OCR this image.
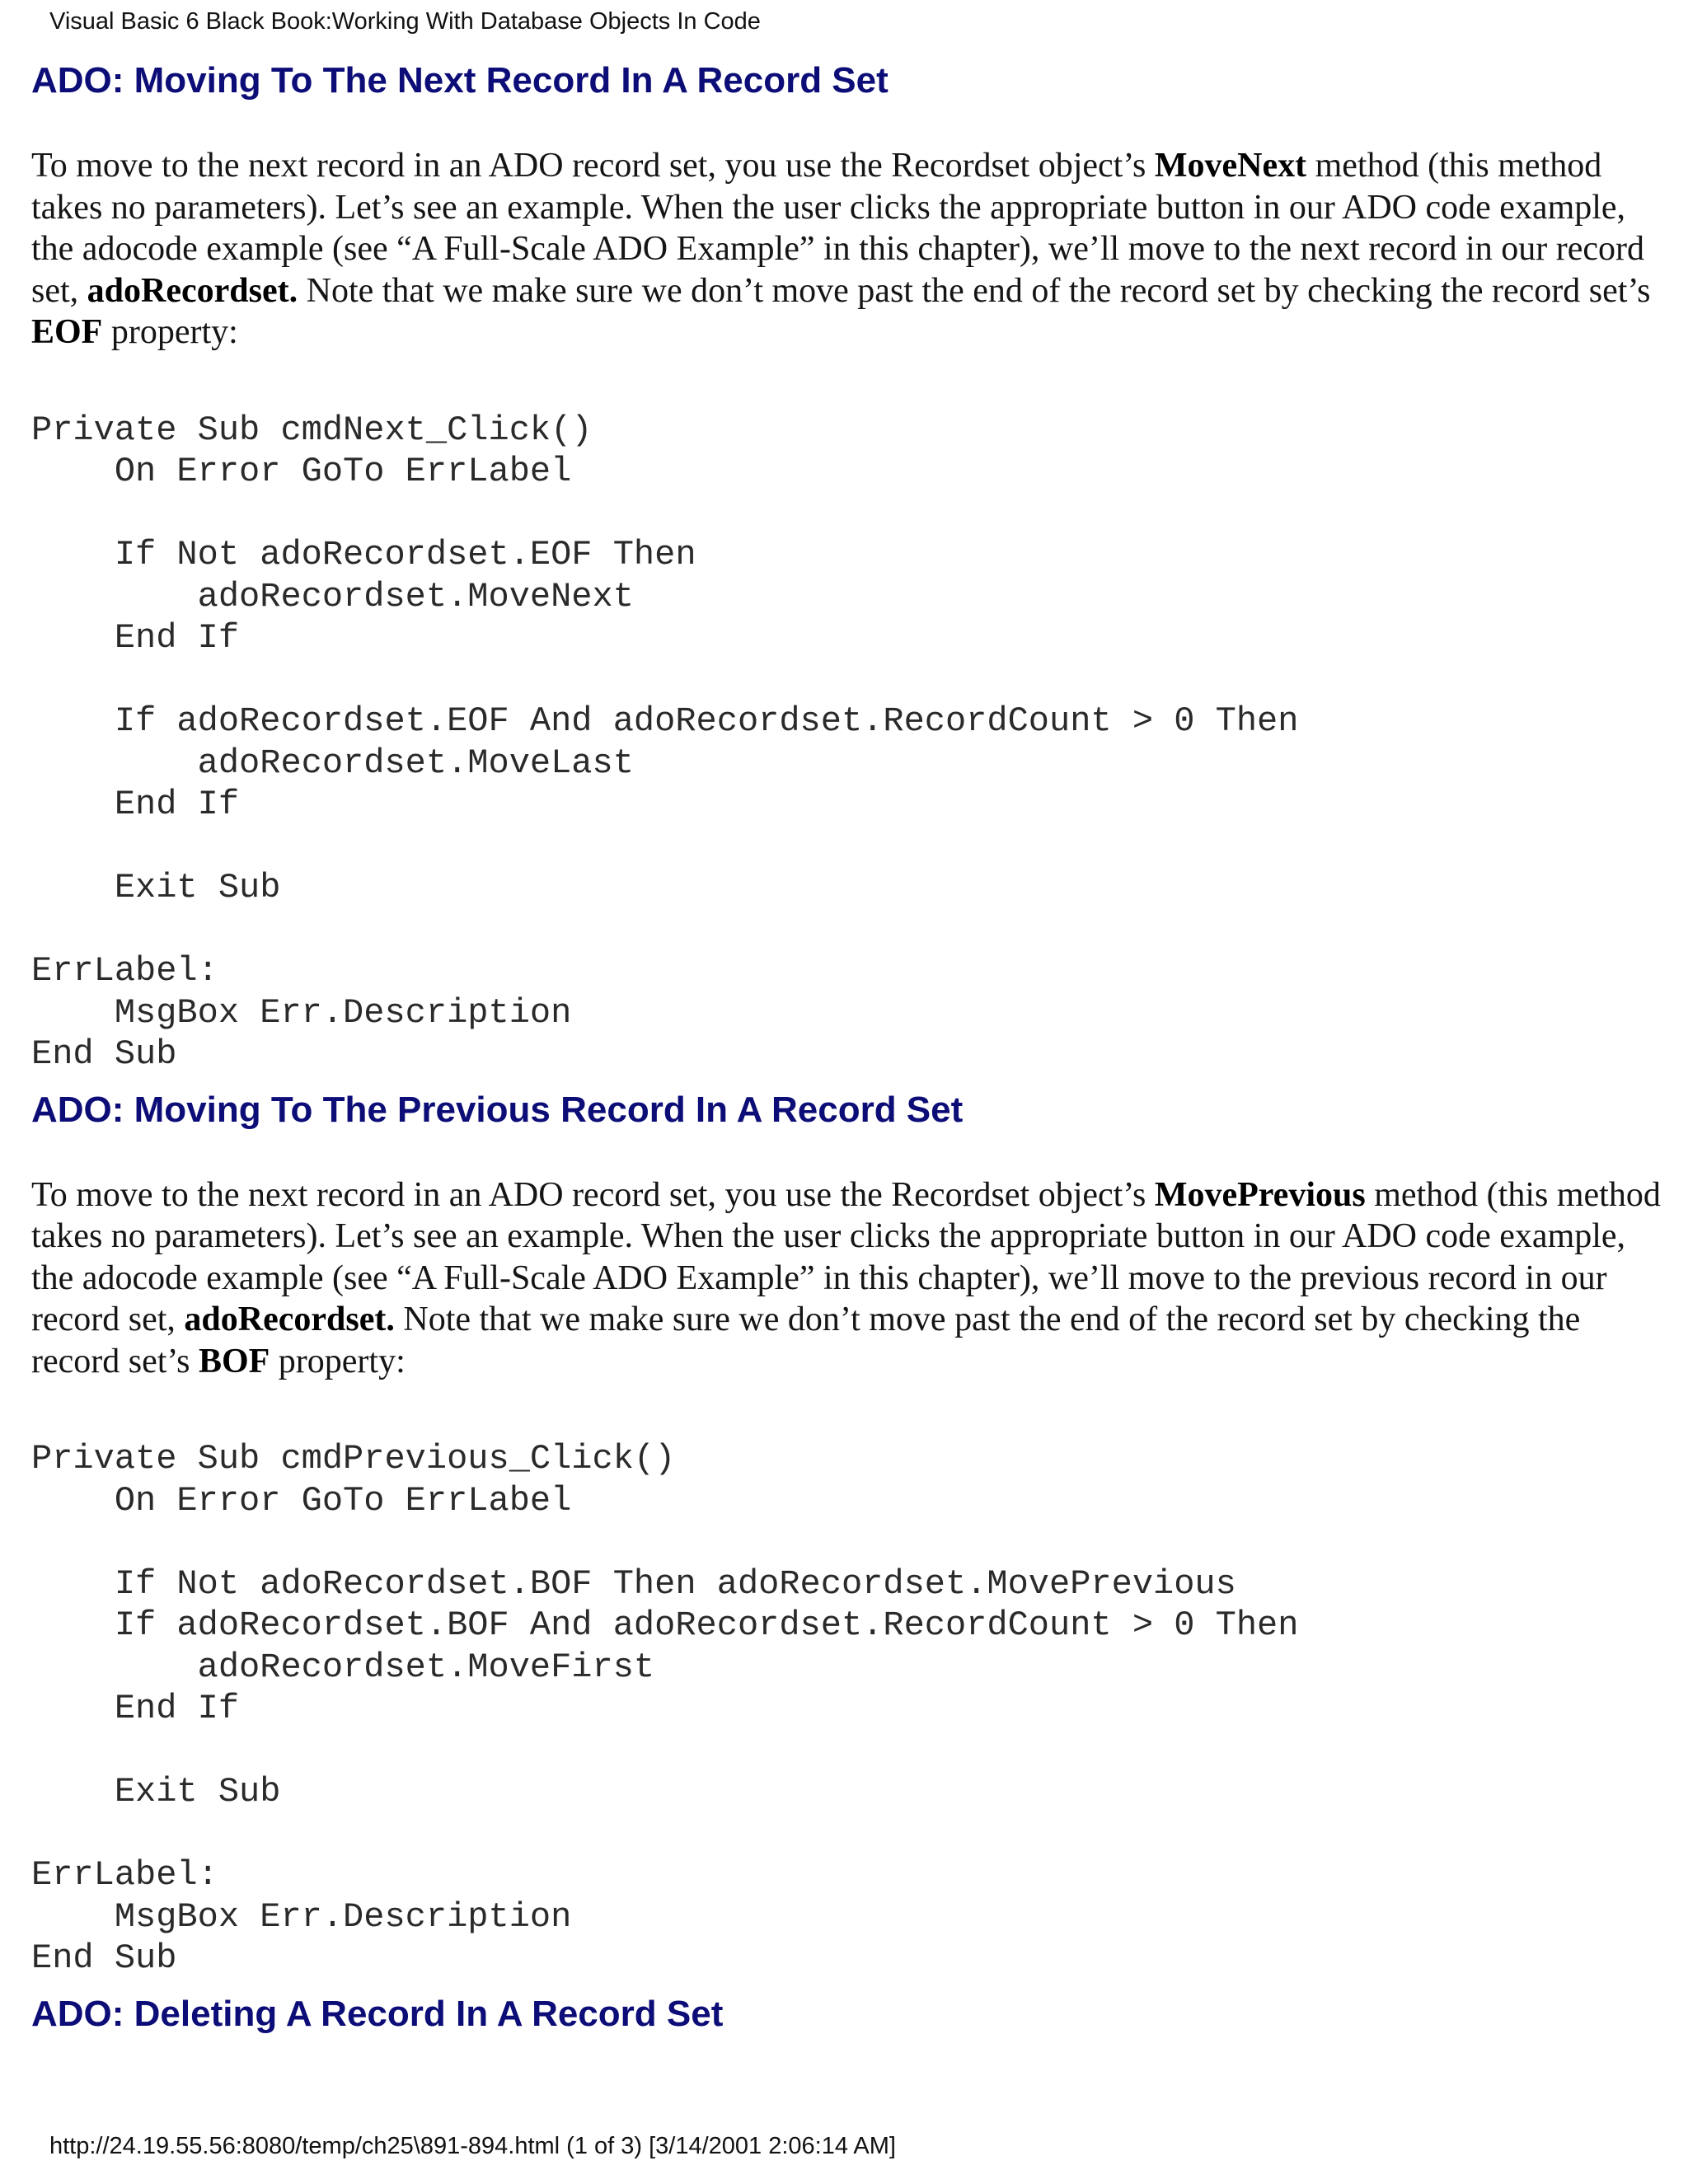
Visual Basic 6 Black Book:Working With Database Objects In Code
ADO: Moving To The Next Record In A Record Set

To move to the next record in an ADO record set, you use the Recordset object’s MoveNext method (this method takes no parameters). Let’s see an example. When the user clicks the appropriate button in our ADO code example, the adocode example (see “A Full-Scale ADO Example” in this chapter), we’ll move to the next record in our record set, adoRecordset. Note that we make sure we don’t move past the end of the record set by checking the record set’s EOF property:

Private Sub cmdNext_Click()
On Error GoTo ErrLabel

If Not adoRecordset.EOF Then
adoRecordset.MoveNext
End If

If adoRecordset.EOF And adoRecordset.RecordCount > 0 Then
adoRecordset.MoveLast
End If

Exit Sub

ErrLabel:
MsgBox Err.Description
End Sub
ADO: Moving To The Previous Record In A Record Set

To move to the next record in an ADO record set, you use the Recordset object’s MovePrevious method (this method takes no parameters). Let’s see an example. When the user clicks the appropriate button in our ADO code example, the adocode example (see “A Full-Scale ADO Example” in this chapter), we’ll move to the previous record in our record set, adoRecordset. Note that we make sure we don’t move past the end of the record set by checking the record set’s BOF property:

Private Sub cmdPrevious_Click()
On Error GoTo ErrLabel

If Not adoRecordset.BOF Then adoRecordset.MovePrevious
If adoRecordset.BOF And adoRecordset.RecordCount > 0 Then
adoRecordset.MoveFirst
End If

Exit Sub

ErrLabel:
MsgBox Err.Description
End Sub
ADO: Deleting A Record In A Record Set
http://24.19.55.56:8080/temp/ch25\891-894.html (1 of 3) [3/14/2001 2:06:14 AM]
